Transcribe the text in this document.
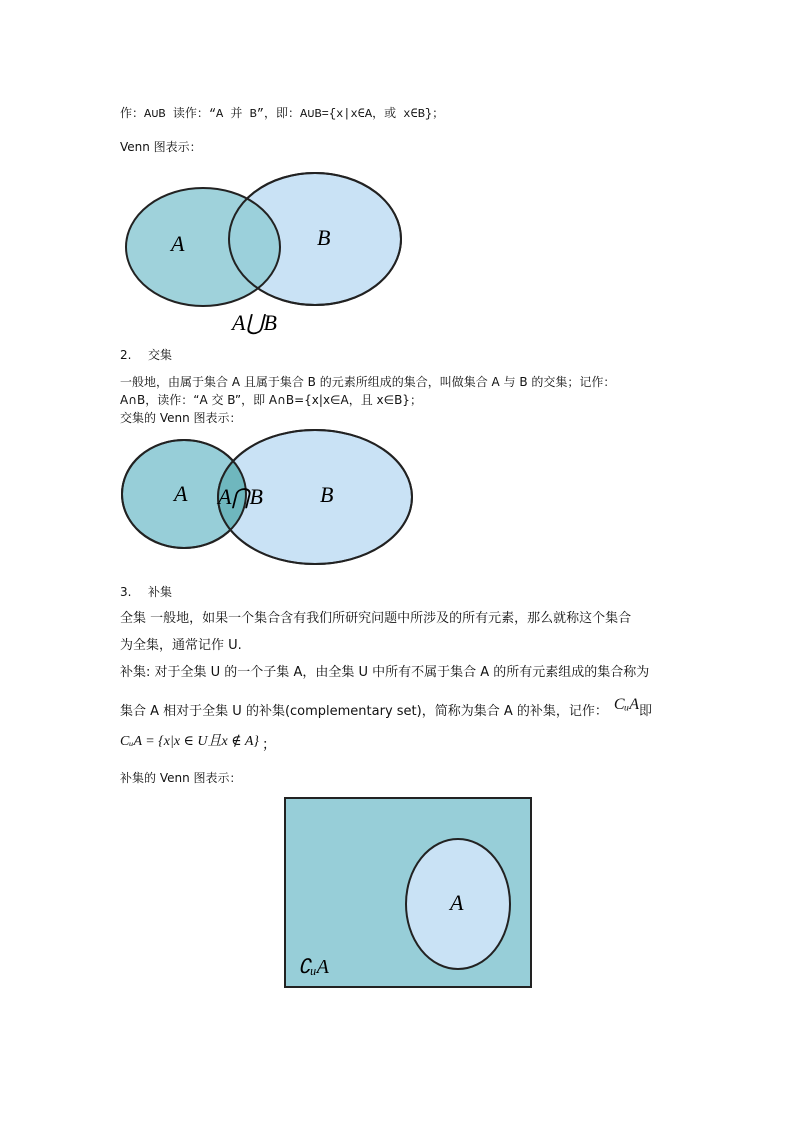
作：A∪B 读作：“A 并 B”，即：A∪B={x|x∈A，或 x∈B}；
Venn 图表示：
A	B
A⋃B
2. 交集
一般地，由属于集合 A 且属于集合 B 的元素所组成的集合，叫做集合 A 与 B 的交集；记作：
A∩B，读作：“A 交 B”，即 A∩B={x|x∈A，且 x∈B}；
交集的 Venn 图表示：
A A⋂B	B
3. 补集
全集 一般地，如果一个集合含有我们所研究问题中所涉及的所有元素，那么就称这个集合
为全集，通常记作 U.
补集: 对于全集 U 的一个子集 A，由全集 U 中所有不属于集合 A 的所有元素组成的集合称为
集合 A 相对于全集 U 的补集(complementary set)，简称为集合 A 的补集，记作： CᵤA即
CᵤA = {x|x ∈ U且x ∉ A} ；
补集的 Venn 图表示：
A
∁ᵤA
